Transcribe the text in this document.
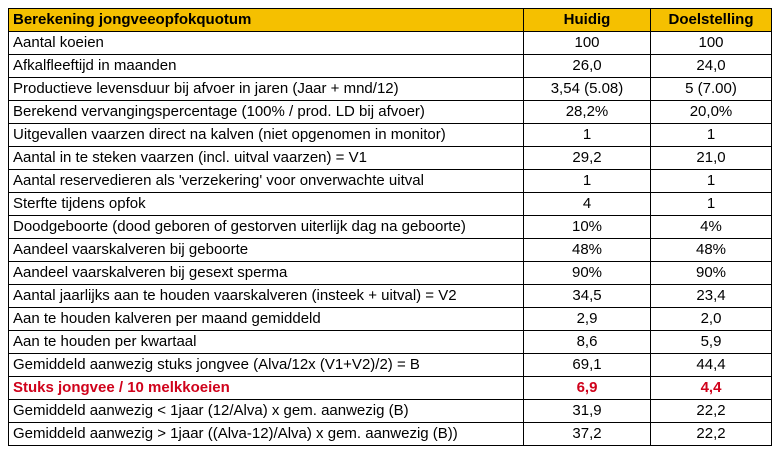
Berekening jongveeopfokquotum	Huidig	Doelstelling
Aantal koeien	100	100
Afkalfleeftijd in maanden	26,0	24,0
Productieve levensduur bij afvoer in jaren (Jaar + mnd/12)	3,54 (5.08)	5 (7.00)
Berekend vervangingspercentage (100% / prod. LD bij afvoer)	28,2%	20,0%
Uitgevallen vaarzen direct na kalven (niet opgenomen in monitor)	1	1
Aantal in te steken vaarzen (incl. uitval vaarzen) = V1	29,2	21,0
Aantal reservedieren als 'verzekering' voor onverwachte uitval	1	1
Sterfte tijdens opfok	4	1
Doodgeboorte (dood geboren of gestorven uiterlijk dag na geboorte)	10%	4%
Aandeel vaarskalveren bij geboorte	48%	48%
Aandeel vaarskalveren bij gesext sperma	90%	90%
Aantal jaarlijks aan te houden vaarskalveren (insteek + uitval) = V2	34,5	23,4
Aan te houden kalveren per maand gemiddeld	2,9	2,0
Aan te houden per kwartaal	8,6	5,9
Gemiddeld aanwezig stuks jongvee (Alva/12x (V1+V2)/2) = B	69,1	44,4
Stuks jongvee / 10 melkkoeien	6,9	4,4
Gemiddeld aanwezig < 1jaar (12/Alva) x gem. aanwezig (B)	31,9	22,2
Gemiddeld aanwezig > 1jaar ((Alva-12)/Alva) x gem. aanwezig (B))	37,2	22,2
